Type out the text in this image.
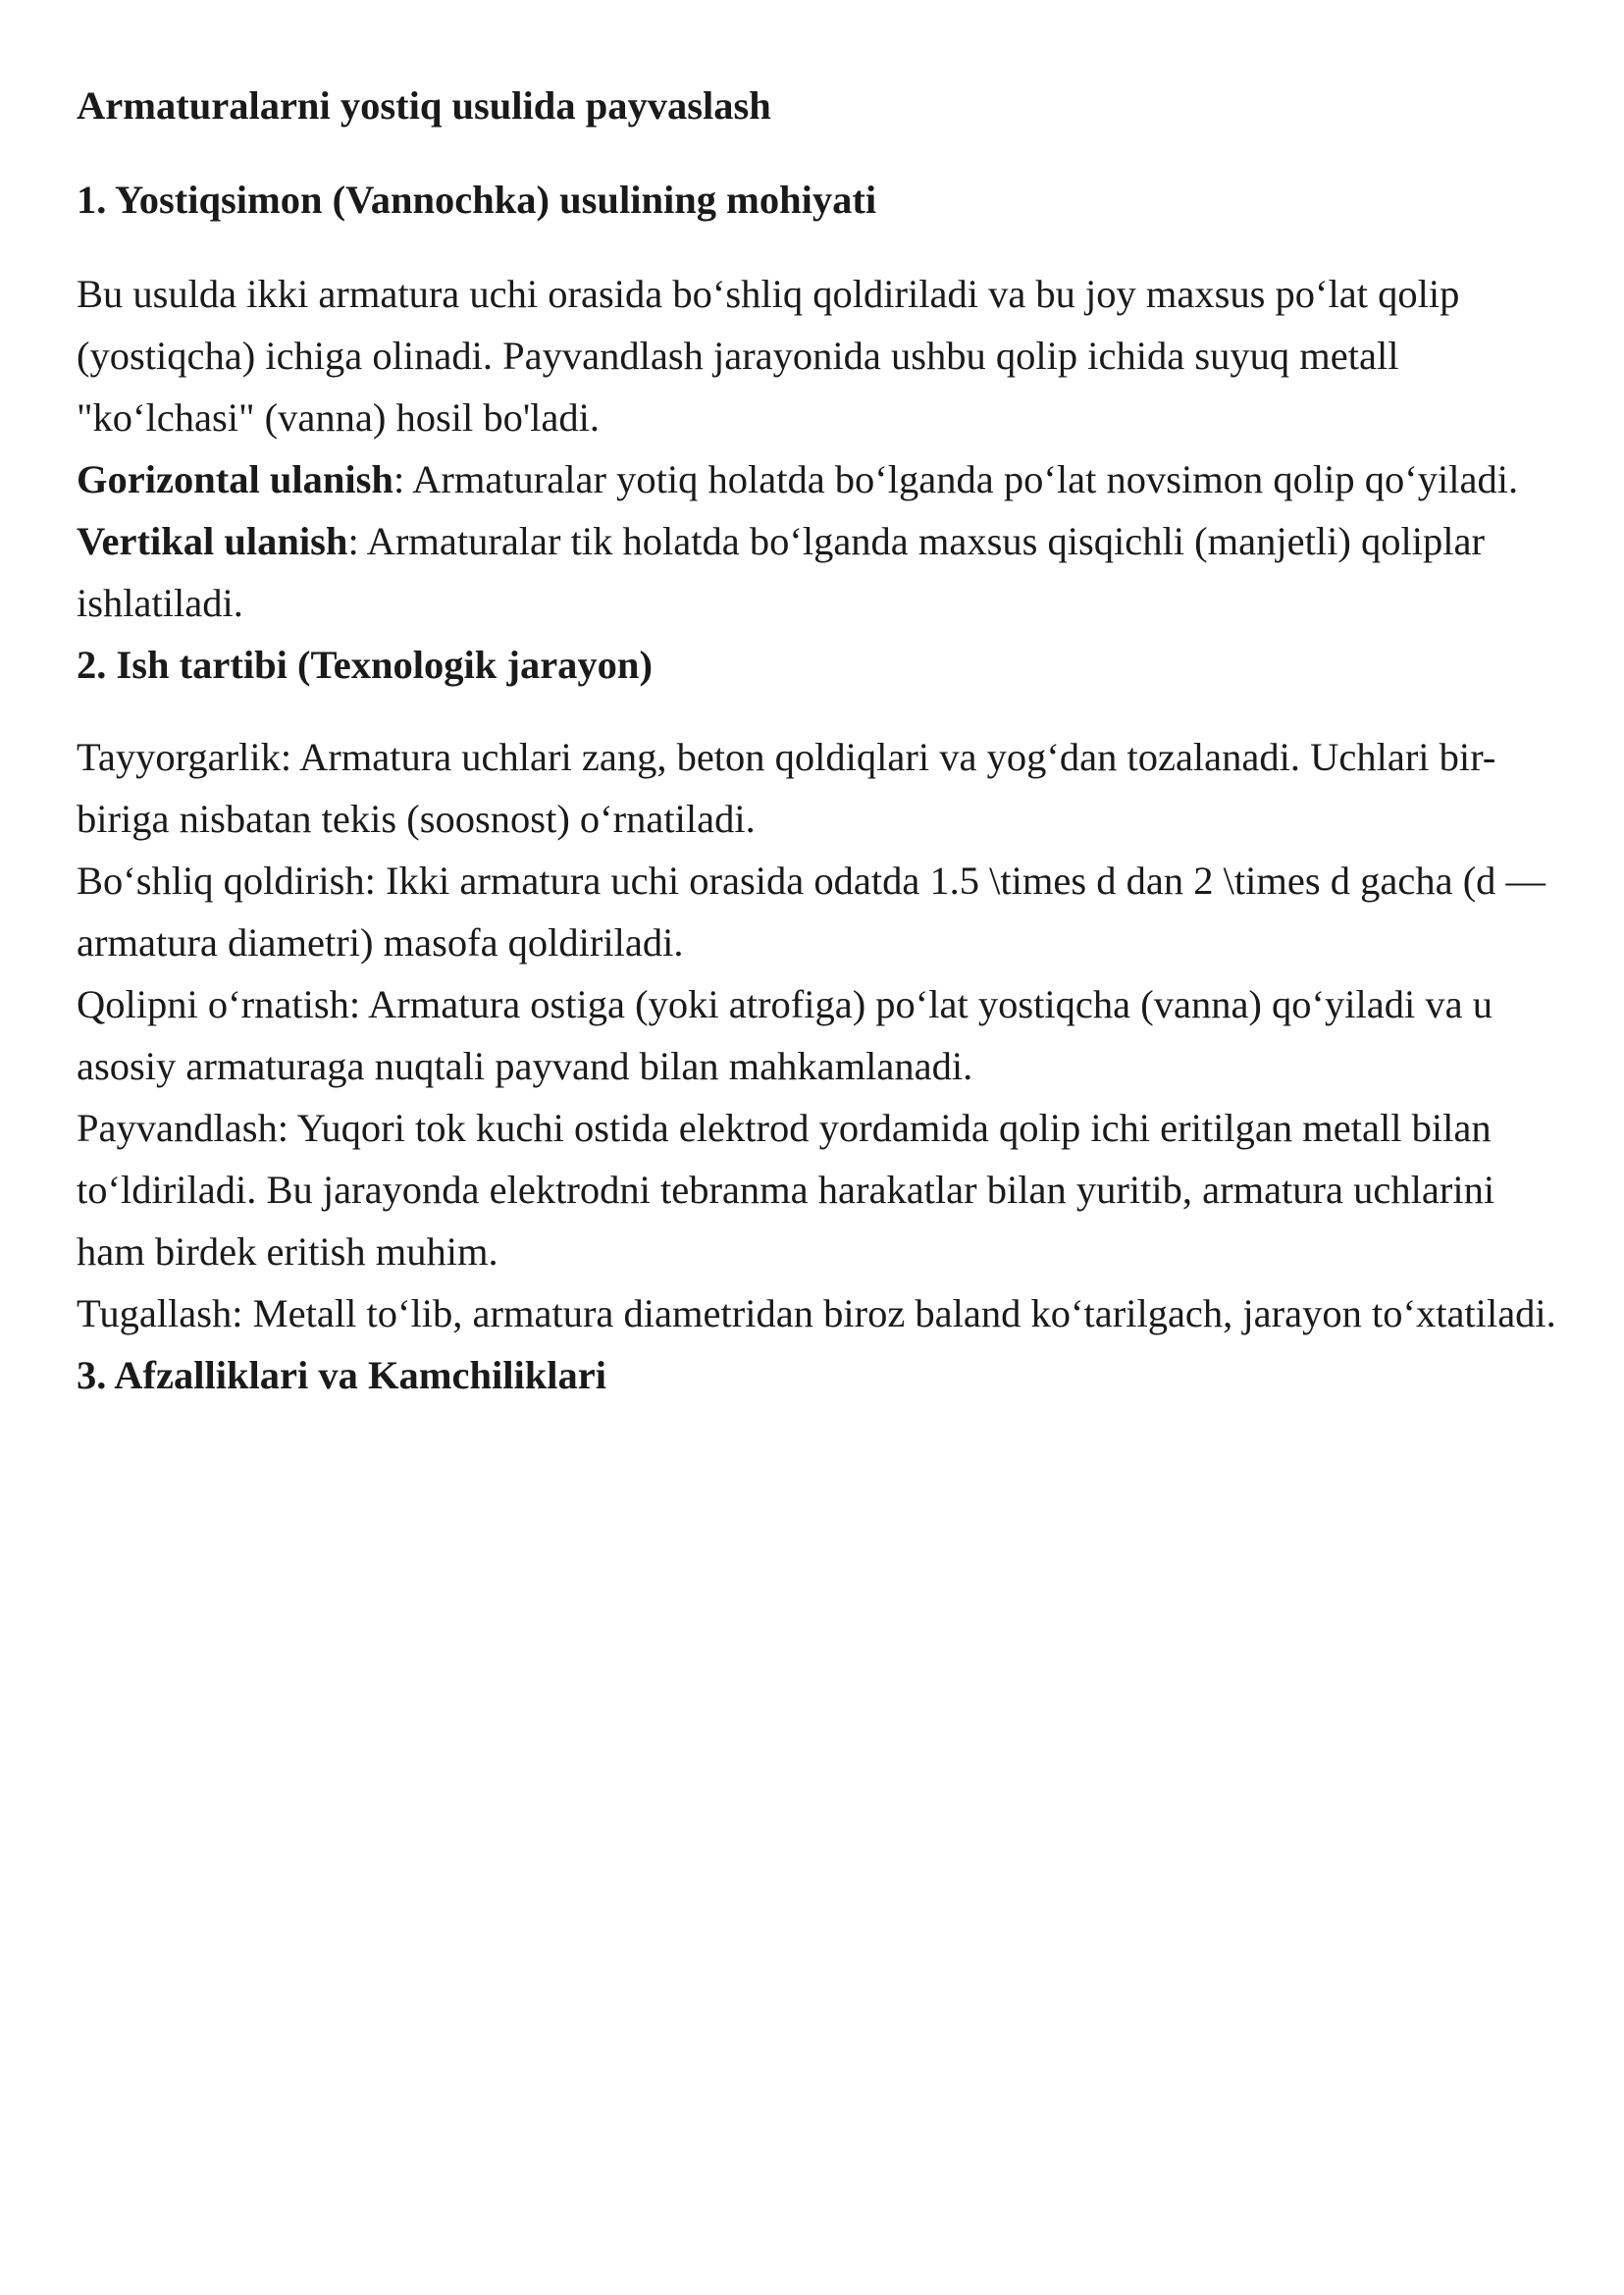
Armaturalarni yostiq usulida payvaslash

1. Yostiqsimon (Vannochka) usulining mohiyati

Bu usulda ikki armatura uchi orasida bo‘shliq qoldiriladi va bu joy maxsus po‘lat qolip (yostiqcha) ichiga olinadi. Payvandlash jarayonida ushbu qolip ichida suyuq metall "ko‘lchasi" (vanna) hosil bo'ladi.

Gorizontal ulanish: Armaturalar yotiq holatda bo‘lganda po‘lat novsimon qolip qo‘yiladi.

Vertikal ulanish: Armaturalar tik holatda bo‘lganda maxsus qisqichli (manjetli) qoliplar ishlatiladi.

2. Ish tartibi (Texnologik jarayon)

Tayyorgarlik: Armatura uchlari zang, beton qoldiqlari va yog‘dan tozalanadi. Uchlari bir-biriga nisbatan tekis (soosnost) o‘rnatiladi.

Bo‘shliq qoldirish: Ikki armatura uchi orasida odatda 1.5 \times d dan 2 \times d gacha (d — armatura diametri) masofa qoldiriladi.

Qolipni o‘rnatish: Armatura ostiga (yoki atrofiga) po‘lat yostiqcha (vanna) qo‘yiladi va u asosiy armaturaga nuqtali payvand bilan mahkamlanadi.

Payvandlash: Yuqori tok kuchi ostida elektrod yordamida qolip ichi eritilgan metall bilan to‘ldiriladi. Bu jarayonda elektrodni tebranma harakatlar bilan yuritib, armatura uchlarini ham birdek eritish muhim.

Tugallash: Metall to‘lib, armatura diametridan biroz baland ko‘tarilgach, jarayon to‘xtatiladi.

3. Afzalliklari va Kamchiliklari
